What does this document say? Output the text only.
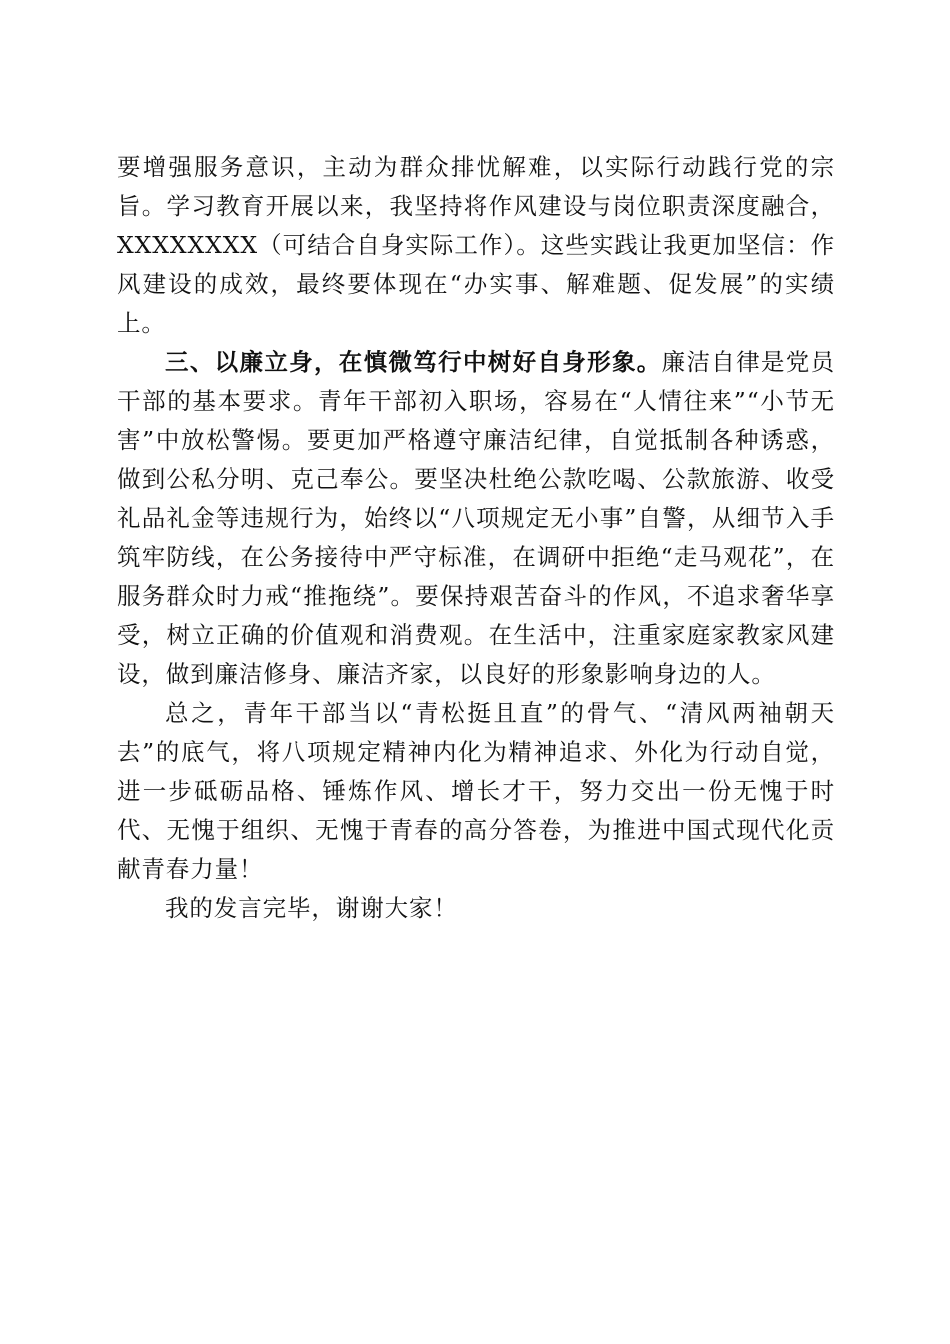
要增强服务意识，主动为群众排忧解难，以实际行动践行党的宗旨。学习教育开展以来，我坚持将作风建设与岗位职责深度融合，XXXXXXXX（可结合自身实际工作）。这些实践让我更加坚信：作风建设的成效，最终要体现在“办实事、解难题、促发展”的实绩上。

三、以廉立身，在慎微笃行中树好自身形象。廉洁自律是党员干部的基本要求。青年干部初入职场，容易在“人情往来”“小节无害”中放松警惕。要更加严格遵守廉洁纪律，自觉抵制各种诱惑，做到公私分明、克己奉公。要坚决杜绝公款吃喝、公款旅游、收受礼品礼金等违规行为，始终以“八项规定无小事”自警，从细节入手筑牢防线，在公务接待中严守标准，在调研中拒绝“走马观花”，在服务群众时力戒“推拖绕”。要保持艰苦奋斗的作风，不追求奢华享受，树立正确的价值观和消费观。在生活中，注重家庭家教家风建设，做到廉洁修身、廉洁齐家，以良好的形象影响身边的人。

总之，青年干部当以“青松挺且直”的骨气、“清风两袖朝天去”的底气，将八项规定精神内化为精神追求、外化为行动自觉，进一步砥砺品格、锤炼作风、增长才干，努力交出一份无愧于时代、无愧于组织、无愧于青春的高分答卷，为推进中国式现代化贡献青春力量！

我的发言完毕，谢谢大家！
